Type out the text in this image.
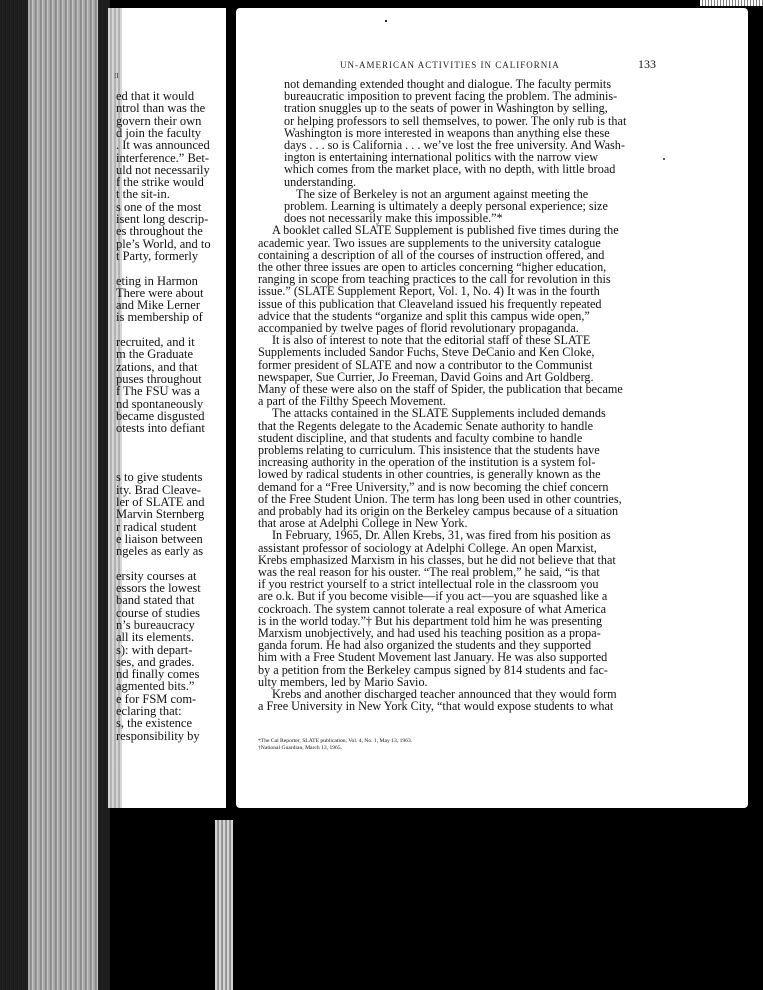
II
ed that it would
ntrol than was the
govern their own
d join the faculty
. It was announced
interference.” Bet-
uld not necessarily
f the strike would
t the sit-in.
s one of the most
isent long descrip-
es throughout the
ple’s World, and to
t Party, formerly
eting in Harmon
There were about
and Mike Lerner
is membership of
recruited, and it
m the Graduate
zations, and that
puses throughout
f The FSU was a
nd spontaneously
became disgusted
otests into defiant
s to give students
ity. Brad Cleave-
ler of SLATE and
Marvin Sternberg
r radical student
e liaison between
ngeles as early as
ersity courses at
essors the lowest
band stated that
course of studies
n’s bureaucracy
all its elements.
s): with depart-
ses, and grades.
nd finally comes
agmented bits.”
e for FSM com-
eclaring that:
s, the existence
responsibility by
UN-AMERICAN ACTIVITIES IN CALIFORNIA	133
not demanding extended thought and dialogue. The faculty permits
bureaucratic imposition to prevent facing the problem. The adminis-
tration snuggles up to the seats of power in Washington by selling,
or helping professors to sell themselves, to power. The only rub is that
Washington is more interested in weapons than anything else these
days . . . so is California . . . we’ve lost the free university. And Wash-
ington is entertaining international politics with the narrow view
which comes from the market place, with no depth, with little broad
understanding.
The size of Berkeley is not an argument against meeting the
problem. Learning is ultimately a deeply personal experience; size
does not necessarily make this impossible.”*
A booklet called SLATE Supplement is published five times during the
academic year. Two issues are supplements to the university catalogue
containing a description of all of the courses of instruction offered, and
the other three issues are open to articles concerning “higher education,
ranging in scope from teaching practices to the call for revolution in this
issue.” (SLATE Supplement Report, Vol. 1, No. 4) It was in the fourth
issue of this publication that Cleaveland issued his frequently repeated
advice that the students “organize and split this campus wide open,”
accompanied by twelve pages of florid revolutionary propaganda.
It is also of interest to note that the editorial staff of these SLATE
Supplements included Sandor Fuchs, Steve DeCanio and Ken Cloke,
former president of SLATE and now a contributor to the Communist
newspaper, Sue Currier, Jo Freeman, David Goins and Art Goldberg.
Many of these were also on the staff of Spider, the publication that became
a part of the Filthy Speech Movement.
The attacks contained in the SLATE Supplements included demands
that the Regents delegate to the Academic Senate authority to handle
student discipline, and that students and faculty combine to handle
problems relating to curriculum. This insistence that the students have
increasing authority in the operation of the institution is a system fol-
lowed by radical students in other countries, is generally known as the
demand for a “Free University,” and is now becoming the chief concern
of the Free Student Union. The term has long been used in other countries,
and probably had its origin on the Berkeley campus because of a situation
that arose at Adelphi College in New York.
In February, 1965, Dr. Allen Krebs, 31, was fired from his position as
assistant professor of sociology at Adelphi College. An open Marxist,
Krebs emphasized Marxism in his classes, but he did not believe that that
was the real reason for his ouster. “The real problem,” he said, “is that
if you restrict yourself to a strict intellectual role in the classroom you
are o.k. But if you become visible—if you act—you are squashed like a
cockroach. The system cannot tolerate a real exposure of what America
is in the world today.”† But his department told him he was presenting
Marxism unobjectively, and had used his teaching position as a propa-
ganda forum. He had also organized the students and they supported
him with a Free Student Movement last January. He was also supported
by a petition from the Berkeley campus signed by 814 students and fac-
ulty members, led by Mario Savio.
Krebs and another discharged teacher announced that they would form
a Free University in New York City, “that would expose students to what
*The Cal Reporter, SLATE publication, Vol. 4, No. 1, May 13, 1963.
†National Guardian, March 13, 1965.
